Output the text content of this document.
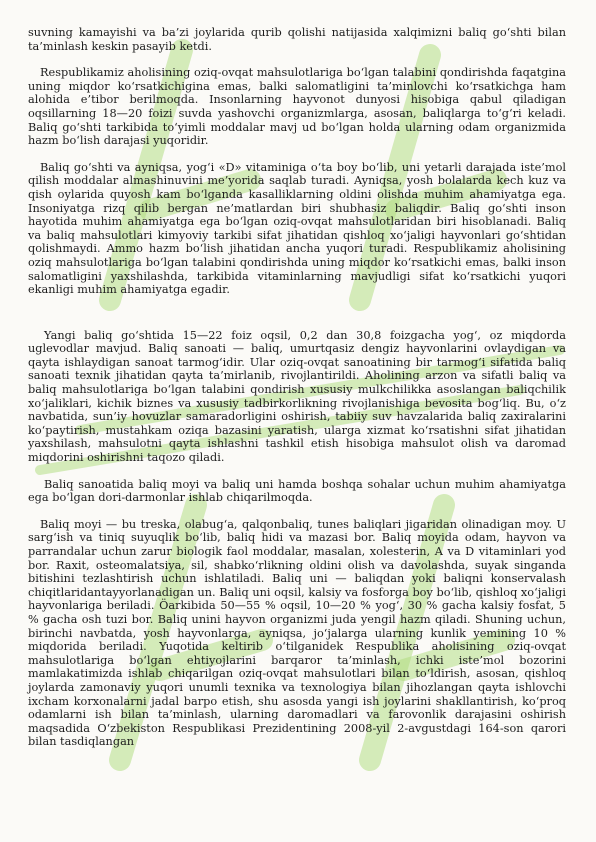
suvning kamayishi va ba’zi joylarida qurib qolishi natijasida xalqimizni baliq go‘shti bilan ta’minlash keskin pasayib ketdi.

Respublikamiz aholisining oziq-ovqat mahsulotlariga bo‘lgan talabini qondirishda faqatgina uning miqdor ko‘rsatkichigina emas, balki salomatligini ta’minlovchi ko‘rsatkichga ham alohida e’tibor berilmoqda. Insonlarning hayvonot dunyosi hisobiga qabul qiladigan oqsillarning 18—20 foizi suvda yashovchi organizmlarga, asosan, baliqlarga to‘g‘ri keladi. Baliq go‘shti tarkibida to‘yimli moddalar mavj ud bo‘lgan holda ularning odam organizmida hazm bo‘lish darajasi yuqoridir.

Baliq go‘shti va ayniqsa, yog‘i «D» vitaminiga o‘ta boy bo‘lib, uni yetarli darajada iste’mol qilish moddalar almashinuvini me’yorida saqlab turadi. Ayniqsa, yosh bolalarda kech kuz va qish oylarida quyosh kam bo‘lganda kasalliklarning oldini olishda muhim ahamiyatga ega. Insoniyatga rizq qilib bergan ne’matlardan biri shubhasiz baliqdir. Baliq go‘shti inson hayotida muhim ahamiyatga ega bo‘lgan oziq-ovqat mahsulotlaridan biri hisoblanadi. Baliq va baliq mahsulotlari kimyoviy tarkibi sifat jihatidan qishloq xo‘jaligi hayvonlari go‘shtidan qolishmaydi. Ammo hazm bo‘lish jihatidan ancha yuqori turadi. Respublikamiz aholisining oziq mahsulotlariga bo‘lgan talabini qondirishda uning miqdor ko‘rsatkichi emas, balki inson salomatligini yaxshilashda, tarkibida vitaminlarning mavjudligi sifat ko‘rsatkichi yuqori ekanligi muhim ahamiyatga egadir.

Yangi baliq go‘shtida 15—22 foiz oqsil, 0,2 dan 30,8 foizgacha yog‘, oz miqdorda uglevodlar mavjud. Baliq sanoati — baliq, umurtqasiz dengiz hayvonlarini ovlaydigan va qayta ishlaydigan sanoat tarmog‘idir. Ular oziq-ovqat sanoatining bir tarmog‘i sifatida baliq sanoati texnik jihatidan qayta ta’mirlanib, rivojlantirildi. Aholining arzon va sifatli baliq va baliq mahsulotlariga bo‘lgan talabini qondirish xususiy mulkchilikka asoslangan baliqchilik xo‘jaliklari, kichik biznes va xususiy tadbirkorlikning rivojlanishiga bevosita bog‘liq. Bu, o‘z navbatida, sun’iy hovuzlar samaradorligini oshirish, tabiiy suv havzalarida baliq zaxiralarini ko‘paytirish, mustahkam oziqa bazasini yaratish, ularga xizmat ko‘rsatishni sifat jihatidan yaxshilash, mahsulotni qayta ishlashni tashkil etish hisobiga mahsulot olish va daromad miqdorini oshirishni taqozo qiladi.

Baliq sanoatida baliq moyi va baliq uni hamda boshqa sohalar uchun muhim ahamiyatga ega bo‘lgan dori-darmonlar ishlab chiqarilmoqda.

Baliq moyi — bu treska, olabug‘a, qalqonbaliq, tunes baliqlari jigaridan olinadigan moy. U sarg‘ish va tiniq suyuqlik bo‘lib, baliq hidi va mazasi bor. Baliq moyida odam, hayvon va parrandalar uchun zarur biologik faol moddalar, masalan, xolesterin, A va D vitaminlari yod bor. Raxit, osteomalatsiya, sil, shabko‘rlikning oldini olish va davolashda, suyak singanda bitishini tezlashtirish uchun ishlatiladi. Baliq uni — baliqdan yoki baliqni konservalash chiqitlaridantayyorlanadigan un. Baliq uni oqsil, kalsiy va fosforga boy bo‘lib, qishloq xo‘jaligi hayvonlariga beriladi. Öarkibida 50—55 % oqsil, 10—20 % yog‘, 30 % gacha kalsiy fosfat, 5 % gacha osh tuzi bor. Baliq unini hayvon organizmi juda yengil hazm qiladi. Shuning uchun, birinchi navbatda, yosh hayvonlarga, ayniqsa, jo‘jalarga ularning kunlik yemining 10 % miqdorida beriladi. Yuqotida keltirib o‘tilganidek Respublika aholisining oziq-ovqat mahsulotlariga bo‘lgan ehtiyojlarini barqaror ta’minlash, ichki iste’mol bozorini mamlakatimizda ishlab chiqarilgan oziq-ovqat mahsulotlari bilan to‘ldirish, asosan, qishloq joylarda zamonaviy yuqori unumli texnika va texnologiya bilan jihozlangan qayta ishlovchi ixcham korxonalarni jadal barpo etish, shu asosda yangi ish joylarini shakllantirish, ko‘proq odamlarni ish bilan ta’minlash, ularning daromadlari va farovonlik darajasini oshirish maqsadida O‘zbekiston Respublikasi Prezidentining 2008-yil 2-avgustdagi 164-son qarori bilan tasdiqlangan
